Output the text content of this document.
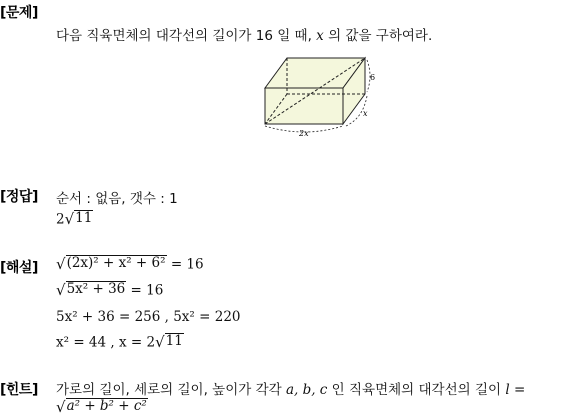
[문제]
다음 직육면체의 대각선의 길이가 16 일 때, x 의 값을 구하여라.
6
x
2x
[정답] 순서 : 없음, 갯수 : 1
2 √ 11
[해설] √ (2x)² + x² + 6² = 16
√ 5x² + 36 = 16
5x² + 36 = 256 , 5x² = 220
x² = 44 , x = 2 √ 11
[힌트] 가로의 길이, 세로의 길이, 높이가 각각 a, b, c 인 직육면체의 대각선의 길이 l =
√ a² + b² + c²
